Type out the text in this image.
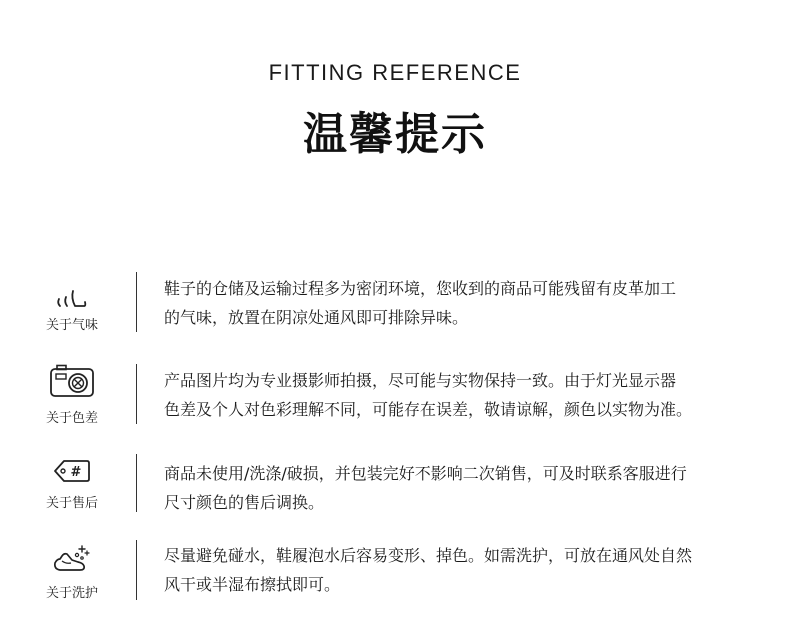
FITTING REFERENCE
温馨提示
关于气味

鞋子的仓储及运输过程多为密闭环境，您收到的商品可能残留有皮革加工

的气味，放置在阴凉处通风即可排除异味。

关于色差

产品图片均为专业摄影师拍摄，尽可能与实物保持一致。由于灯光显示器

色差及个人对色彩理解不同，可能存在误差，敬请谅解，颜色以实物为准。

#
关于售后

商品未使用/洗涤/破损，并包装完好不影响二次销售，可及时联系客服进行

尺寸颜色的售后调换。

关于洗护

尽量避免碰水，鞋履泡水后容易变形、掉色。如需洗护，可放在通风处自然

风干或半湿布擦拭即可。
